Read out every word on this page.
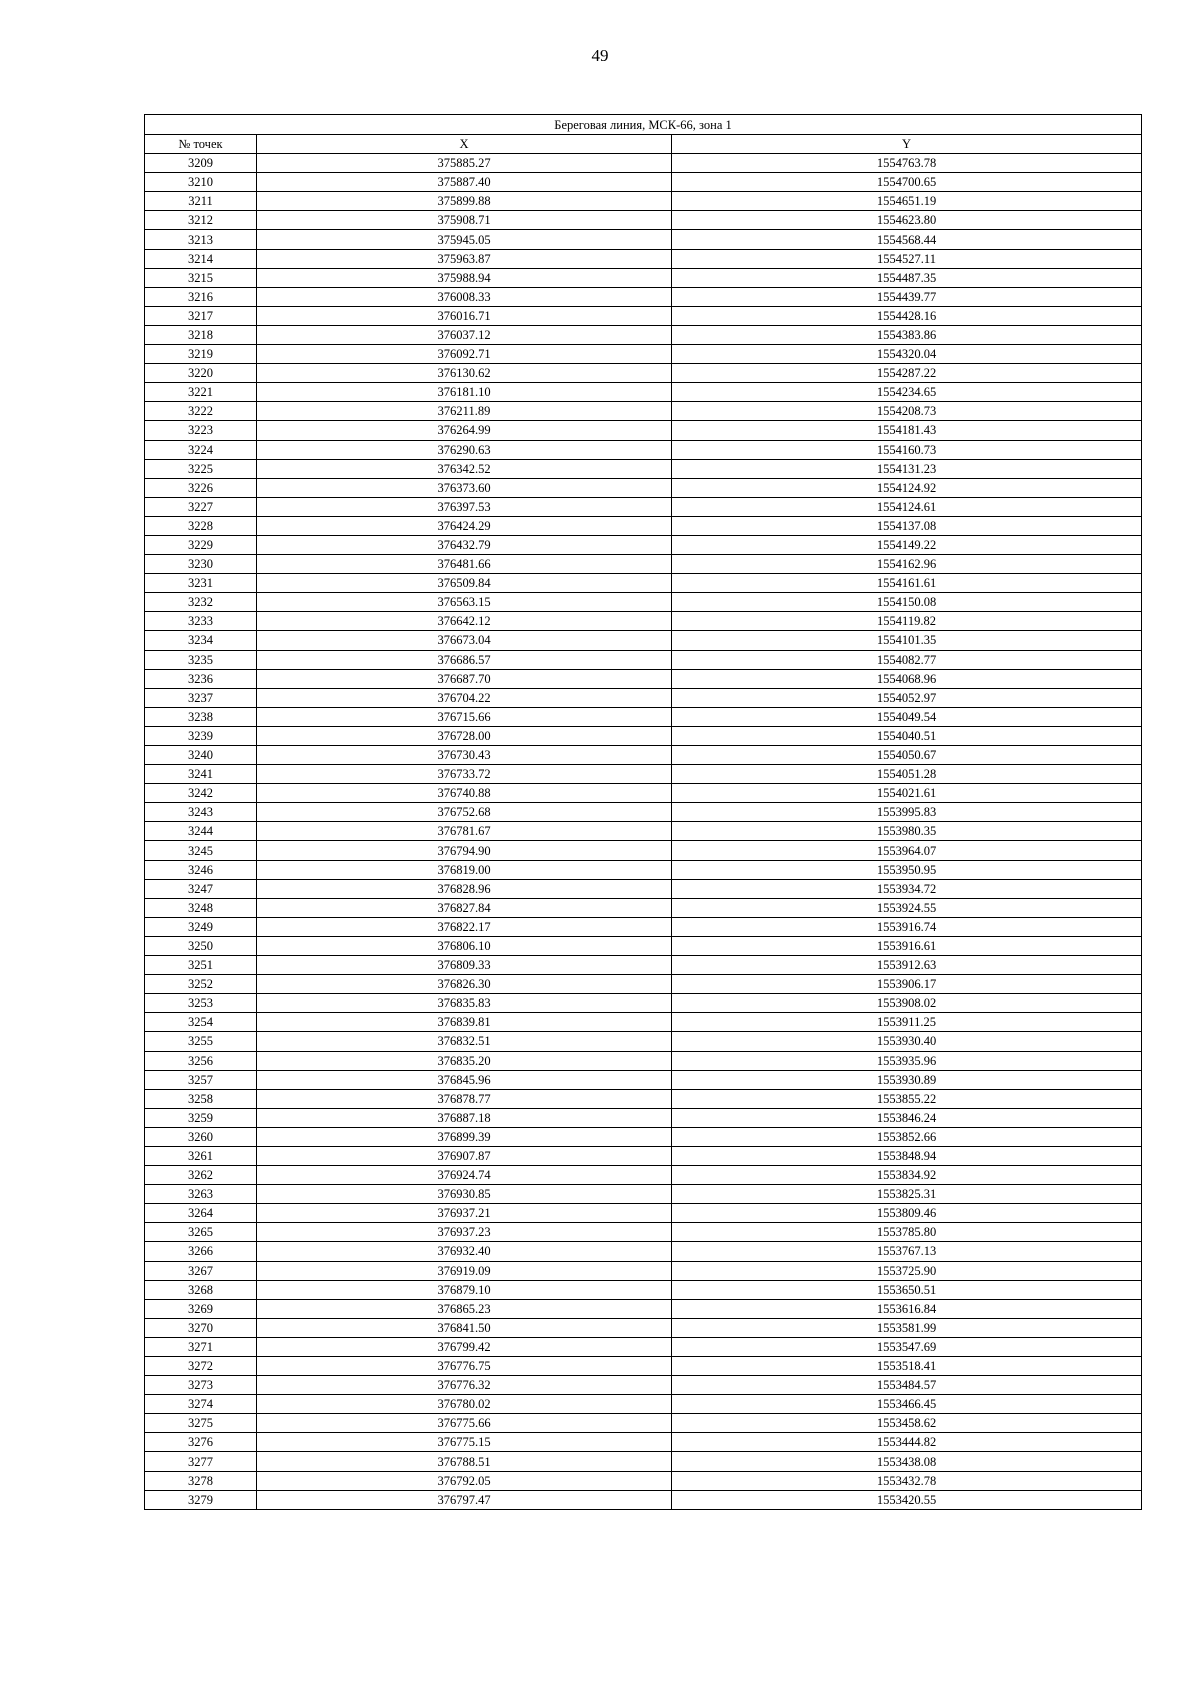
49
Береговая линия, МСК-66, зона 1		
№ точек	X	Y
3209	375885.27	1554763.78
3210	375887.40	1554700.65
3211	375899.88	1554651.19
3212	375908.71	1554623.80
3213	375945.05	1554568.44
3214	375963.87	1554527.11
3215	375988.94	1554487.35
3216	376008.33	1554439.77
3217	376016.71	1554428.16
3218	376037.12	1554383.86
3219	376092.71	1554320.04
3220	376130.62	1554287.22
3221	376181.10	1554234.65
3222	376211.89	1554208.73
3223	376264.99	1554181.43
3224	376290.63	1554160.73
3225	376342.52	1554131.23
3226	376373.60	1554124.92
3227	376397.53	1554124.61
3228	376424.29	1554137.08
3229	376432.79	1554149.22
3230	376481.66	1554162.96
3231	376509.84	1554161.61
3232	376563.15	1554150.08
3233	376642.12	1554119.82
3234	376673.04	1554101.35
3235	376686.57	1554082.77
3236	376687.70	1554068.96
3237	376704.22	1554052.97
3238	376715.66	1554049.54
3239	376728.00	1554040.51
3240	376730.43	1554050.67
3241	376733.72	1554051.28
3242	376740.88	1554021.61
3243	376752.68	1553995.83
3244	376781.67	1553980.35
3245	376794.90	1553964.07
3246	376819.00	1553950.95
3247	376828.96	1553934.72
3248	376827.84	1553924.55
3249	376822.17	1553916.74
3250	376806.10	1553916.61
3251	376809.33	1553912.63
3252	376826.30	1553906.17
3253	376835.83	1553908.02
3254	376839.81	1553911.25
3255	376832.51	1553930.40
3256	376835.20	1553935.96
3257	376845.96	1553930.89
3258	376878.77	1553855.22
3259	376887.18	1553846.24
3260	376899.39	1553852.66
3261	376907.87	1553848.94
3262	376924.74	1553834.92
3263	376930.85	1553825.31
3264	376937.21	1553809.46
3265	376937.23	1553785.80
3266	376932.40	1553767.13
3267	376919.09	1553725.90
3268	376879.10	1553650.51
3269	376865.23	1553616.84
3270	376841.50	1553581.99
3271	376799.42	1553547.69
3272	376776.75	1553518.41
3273	376776.32	1553484.57
3274	376780.02	1553466.45
3275	376775.66	1553458.62
3276	376775.15	1553444.82
3277	376788.51	1553438.08
3278	376792.05	1553432.78
3279	376797.47	1553420.55
